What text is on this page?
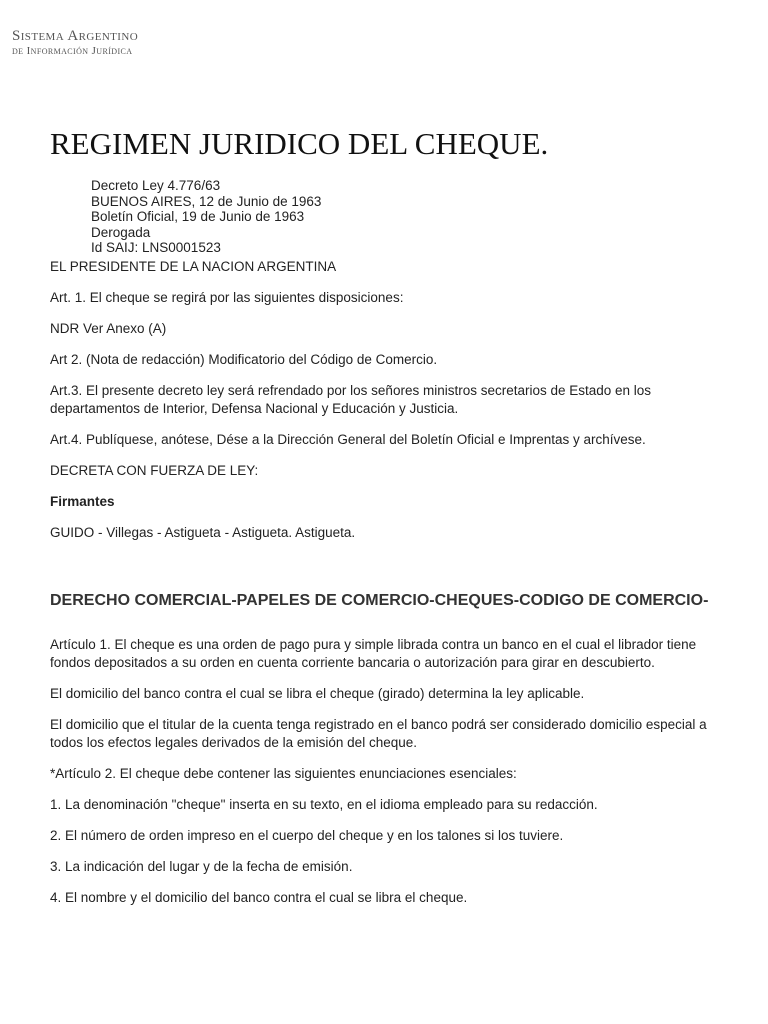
Sistema Argentino
de Información Jurídica
REGIMEN JURIDICO DEL CHEQUE.
Decreto Ley 4.776/63
BUENOS AIRES, 12 de Junio de 1963
Boletín Oficial, 19 de Junio de 1963
Derogada
Id SAIJ: LNS0001523

EL PRESIDENTE DE LA NACION ARGENTINA

Art. 1. El cheque se regirá por las siguientes disposiciones:

NDR Ver Anexo (A)

Art 2. (Nota de redacción) Modificatorio del Código de Comercio.

Art.3. El presente decreto ley será refrendado por los señores ministros secretarios de Estado en los departamentos de Interior, Defensa Nacional y Educación y Justicia.

Art.4. Publíquese, anótese, Dése a la Dirección General del Boletín Oficial e Imprentas y archívese.

DECRETA CON FUERZA DE LEY:

Firmantes

GUIDO - Villegas - Astigueta - Astigueta. Astigueta.

DERECHO COMERCIAL-PAPELES DE COMERCIO-CHEQUES-CODIGO DE COMERCIO-

Artículo 1. El cheque es una orden de pago pura y simple librada contra un banco en el cual el librador tiene fondos depositados a su orden en cuenta corriente bancaria o autorización para girar en descubierto.

El domicilio del banco contra el cual se libra el cheque (girado) determina la ley aplicable.

El domicilio que el titular de la cuenta tenga registrado en el banco podrá ser considerado domicilio especial a todos los efectos legales derivados de la emisión del cheque.

*Artículo 2. El cheque debe contener las siguientes enunciaciones esenciales:

1. La denominación "cheque" inserta en su texto, en el idioma empleado para su redacción.

2. El número de orden impreso en el cuerpo del cheque y en los talones si los tuviere.

3. La indicación del lugar y de la fecha de emisión.

4. El nombre y el domicilio del banco contra el cual se libra el cheque.
